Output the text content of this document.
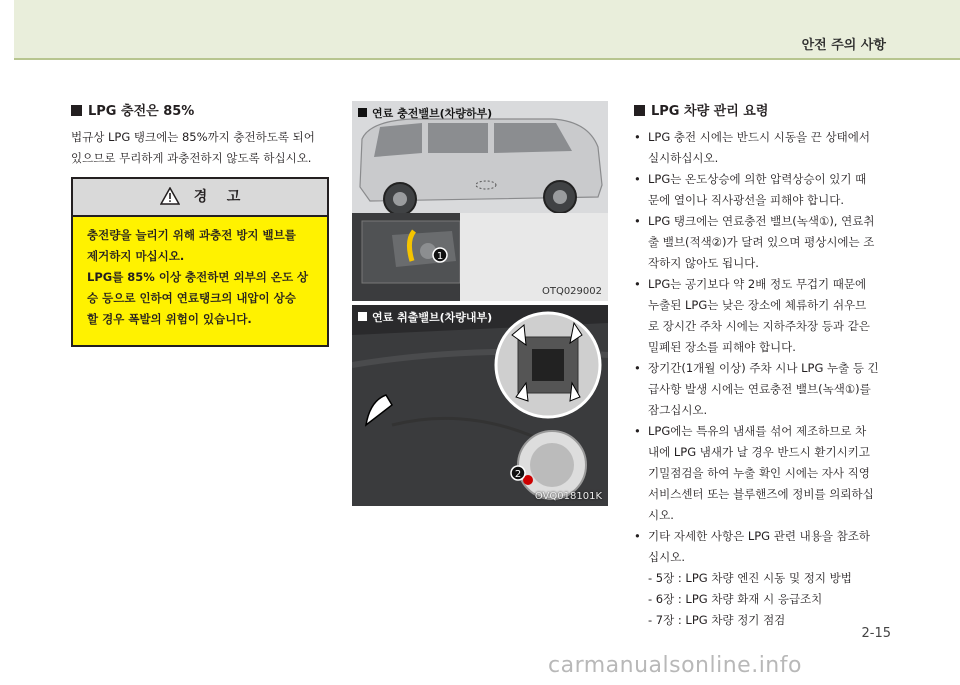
안전 주의 사항
LPG 충전은 85%
법규상 LPG 탱크에는 85%까지 충전하도록 되어
있으므로 무리하게 과충전하지 않도록 하십시오.
경    고
충전량을 늘리기 위해 과충전 방지 밸브를
제거하지 마십시오.
LPG를 85% 이상 충전하면 외부의 온도 상
승 등으로 인하여 연료탱크의 내압이 상승
할 경우 폭발의 위험이 있습니다.
1
연료 충전밸브(차량하부)
OTQ029002
2
연료 취출밸브(차량내부)
OVQ018101K
LPG 차량 관리 요령
• LPG 충전 시에는 반드시 시동을 끈 상태에서
실시하십시오.
• LPG는 온도상승에 의한 압력상승이 있기 때
문에 열이나 직사광선을 피해야 합니다.
• LPG 탱크에는 연료충전 밸브(녹색①), 연료취
출 밸브(적색②)가 달려 있으며 평상시에는 조
작하지 않아도 됩니다.
• LPG는 공기보다 약 2배 정도 무겁기 때문에
누출된 LPG는 낮은 장소에 체류하기 쉬우므
로 장시간 주차 시에는 지하주차장 등과 같은
밀폐된 장소를 피해야 합니다.
• 장기간(1개월 이상) 주차 시나 LPG 누출 등 긴
급사항 발생 시에는 연료충전 밸브(녹색①)를
잠그십시오.
• LPG에는 특유의 냄새를 섞어 제조하므로 차
내에 LPG 냄새가 날 경우 반드시 환기시키고
기밀점검을 하여 누출 확인 시에는 자사 직영
서비스센터 또는 블루핸즈에 정비를 의뢰하십
시오.
• 기타 자세한 사항은 LPG 관련 내용을 참조하
십시오.
- 5장 : LPG 차량 엔진 시동 및 정지 방법
- 6장 : LPG 차량 화재 시 응급조치
- 7장 : LPG 차량 정기 점검
2-15
carmanualsonline.info
